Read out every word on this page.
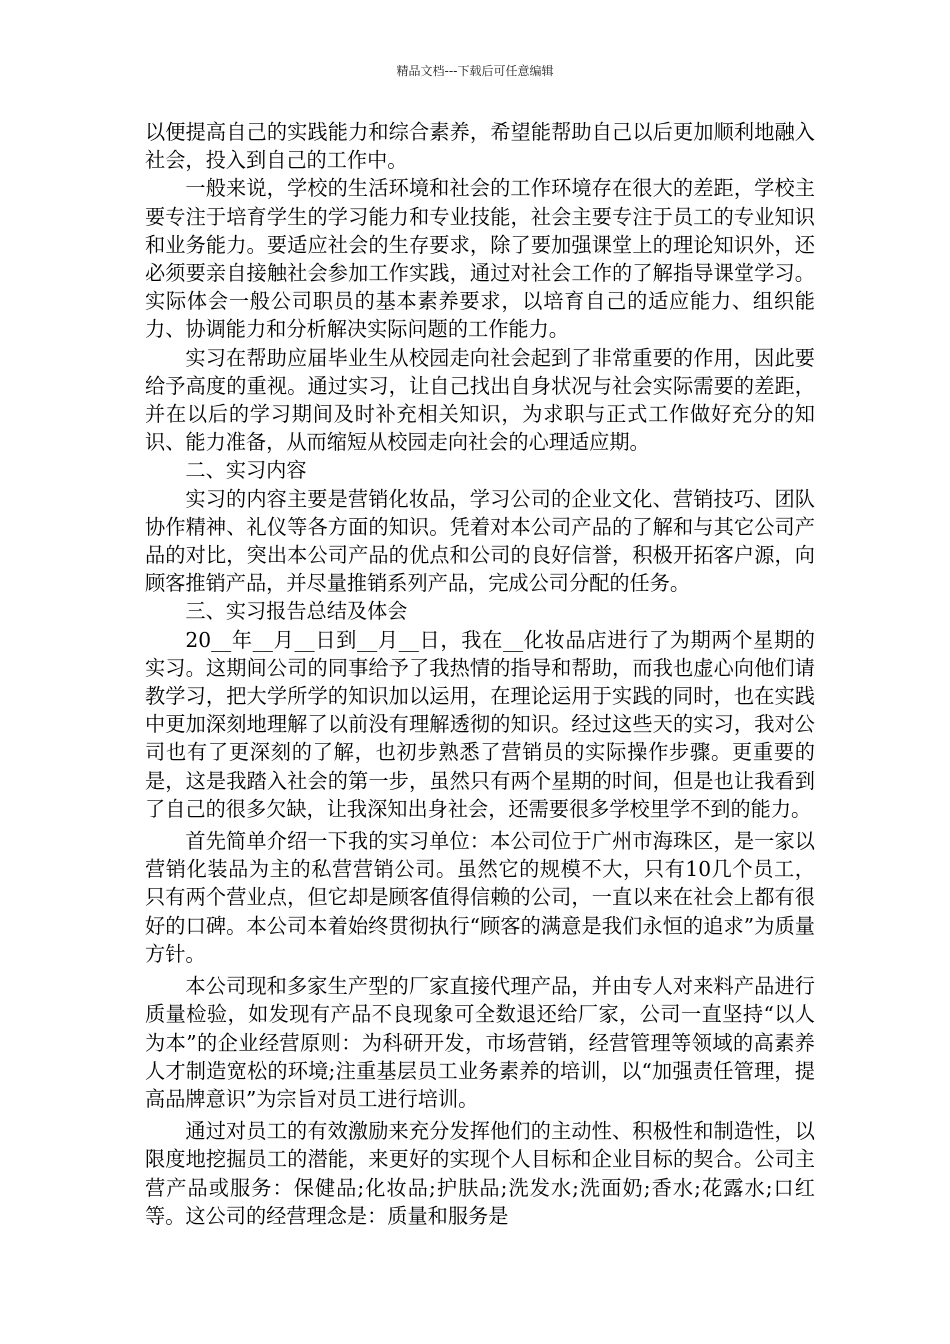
精品文档---下载后可任意编辑

以便提高自己的实践能力和综合素养，希望能帮助自己以后更加顺利地融入社会，投入到自己的工作中。

一般来说，学校的生活环境和社会的工作环境存在很大的差距，学校主要专注于培育学生的学习能力和专业技能，社会主要专注于员工的专业知识和业务能力。要适应社会的生存要求，除了要加强课堂上的理论知识外，还必须要亲自接触社会参加工作实践，通过对社会工作的了解指导课堂学习。实际体会一般公司职员的基本素养要求，以培育自己的适应能力、组织能力、协调能力和分析解决实际问题的工作能力。

实习在帮助应届毕业生从校园走向社会起到了非常重要的作用，因此要给予高度的重视。通过实习，让自己找出自身状况与社会实际需要的差距，并在以后的学习期间及时补充相关知识，为求职与正式工作做好充分的知识、能力准备，从而缩短从校园走向社会的心理适应期。

二、实习内容

实习的内容主要是营销化妆品，学习公司的企业文化、营销技巧、团队协作精神、礼仪等各方面的知识。凭着对本公司产品的了解和与其它公司产品的对比，突出本公司产品的优点和公司的良好信誉，积极开拓客户源，向顾客推销产品，并尽量推销系列产品，完成公司分配的任务。

三、实习报告总结及体会

20__年__月__日到__月__日，我在__化妆品店进行了为期两个星期的实习。这期间公司的同事给予了我热情的指导和帮助，而我也虚心向他们请教学习，把大学所学的知识加以运用，在理论运用于实践的同时，也在实践中更加深刻地理解了以前没有理解透彻的知识。经过这些天的实习，我对公司也有了更深刻的了解，也初步熟悉了营销员的实际操作步骤。更重要的是，这是我踏入社会的第一步，虽然只有两个星期的时间，但是也让我看到了自己的很多欠缺，让我深知出身社会，还需要很多学校里学不到的能力。

首先简单介绍一下我的实习单位：本公司位于广州市海珠区，是一家以营销化装品为主的私营营销公司。虽然它的规模不大，只有10几个员工，只有两个营业点，但它却是顾客值得信赖的公司，一直以来在社会上都有很好的口碑。本公司本着始终贯彻执行“顾客的满意是我们永恒的追求”为质量方针。

本公司现和多家生产型的厂家直接代理产品，并由专人对来料产品进行质量检验，如发现有产品不良现象可全数退还给厂家，公司一直坚持“以人为本”的企业经营原则：为科研开发，市场营销，经营管理等领域的高素养人才制造宽松的环境;注重基层员工业务素养的培训，以“加强责任管理，提高品牌意识”为宗旨对员工进行培训。

通过对员工的有效激励来充分发挥他们的主动性、积极性和制造性，以限度地挖掘员工的潜能，来更好的实现个人目标和企业目标的契合。公司主营产品或服务：保健品;化妆品;护肤品;洗发水;洗面奶;香水;花露水;口红等。这公司的经营理念是：质量和服务是
